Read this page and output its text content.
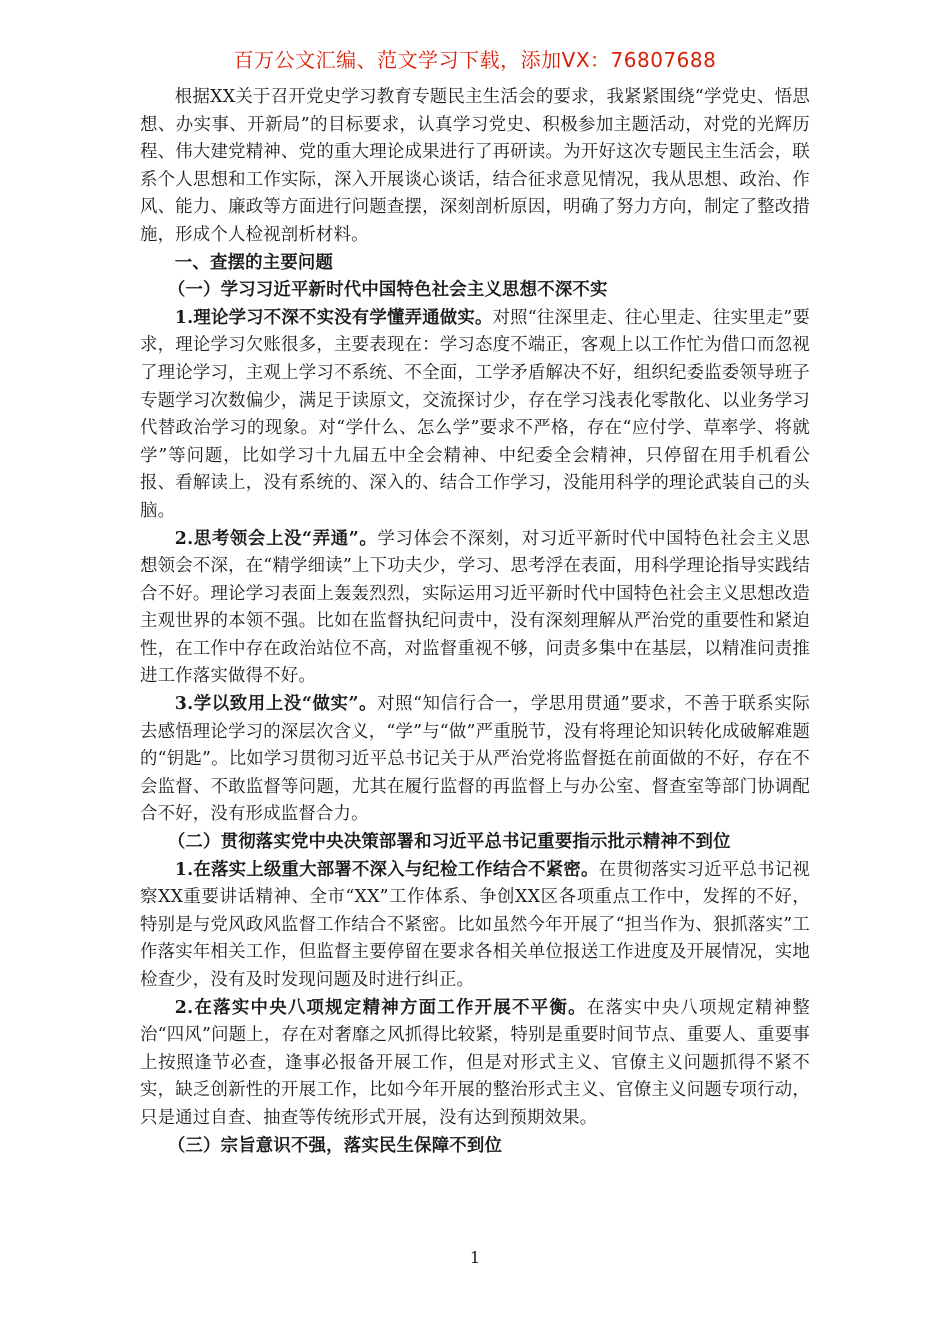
百万公文汇编、范文学习下载，添加VX：76807688

根据XX关于召开党史学习教育专题民主生活会的要求，我紧紧围绕“学党史、悟思想、办实事、开新局”的目标要求，认真学习党史、积极参加主题活动，对党的光辉历程、伟大建党精神、党的重大理论成果进行了再研读。为开好这次专题民主生活会，联系个人思想和工作实际，深入开展谈心谈话，结合征求意见情况，我从思想、政治、作风、能力、廉政等方面进行问题查摆，深刻剖析原因，明确了努力方向，制定了整改措施，形成个人检视剖析材料。

一、查摆的主要问题

（一）学习习近平新时代中国特色社会主义思想不深不实

1.理论学习不深不实没有学懂弄通做实。对照“往深里走、往心里走、往实里走”要求，理论学习欠账很多，主要表现在：学习态度不端正，客观上以工作忙为借口而忽视了理论学习，主观上学习不系统、不全面，工学矛盾解决不好，组织纪委监委领导班子专题学习次数偏少，满足于读原文，交流探讨少，存在学习浅表化零散化、以业务学习代替政治学习的现象。对“学什么、怎么学”要求不严格，存在“应付学、草率学、将就学”等问题，比如学习十九届五中全会精神、中纪委全会精神，只停留在用手机看公报、看解读上，没有系统的、深入的、结合工作学习，没能用科学的理论武装自己的头脑。

2.思考领会上没“弄通”。学习体会不深刻，对习近平新时代中国特色社会主义思想领会不深，在“精学细读”上下功夫少，学习、思考浮在表面，用科学理论指导实践结合不好。理论学习表面上轰轰烈烈，实际运用习近平新时代中国特色社会主义思想改造主观世界的本领不强。比如在监督执纪问责中，没有深刻理解从严治党的重要性和紧迫性，在工作中存在政治站位不高，对监督重视不够，问责多集中在基层，以精准问责推进工作落实做得不好。

3.学以致用上没“做实”。对照“知信行合一，学思用贯通”要求，不善于联系实际去感悟理论学习的深层次含义，“学”与“做”严重脱节，没有将理论知识转化成破解难题的“钥匙”。比如学习贯彻习近平总书记关于从严治党将监督挺在前面做的不好，存在不会监督、不敢监督等问题，尤其在履行监督的再监督上与办公室、督查室等部门协调配合不好，没有形成监督合力。

（二）贯彻落实党中央决策部署和习近平总书记重要指示批示精神不到位

1.在落实上级重大部署不深入与纪检工作结合不紧密。在贯彻落实习近平总书记视察XX重要讲话精神、全市“XX”工作体系、争创XX区各项重点工作中，发挥的不好，特别是与党风政风监督工作结合不紧密。比如虽然今年开展了“担当作为、狠抓落实”工作落实年相关工作，但监督主要停留在要求各相关单位报送工作进度及开展情况，实地检查少，没有及时发现问题及时进行纠正。

2.在落实中央八项规定精神方面工作开展不平衡。在落实中央八项规定精神整治“四风”问题上，存在对奢靡之风抓得比较紧，特别是重要时间节点、重要人、重要事上按照逢节必查，逢事必报备开展工作，但是对形式主义、官僚主义问题抓得不紧不实，缺乏创新性的开展工作，比如今年开展的整治形式主义、官僚主义问题专项行动，只是通过自查、抽查等传统形式开展，没有达到预期效果。

（三）宗旨意识不强，落实民生保障不到位

1
